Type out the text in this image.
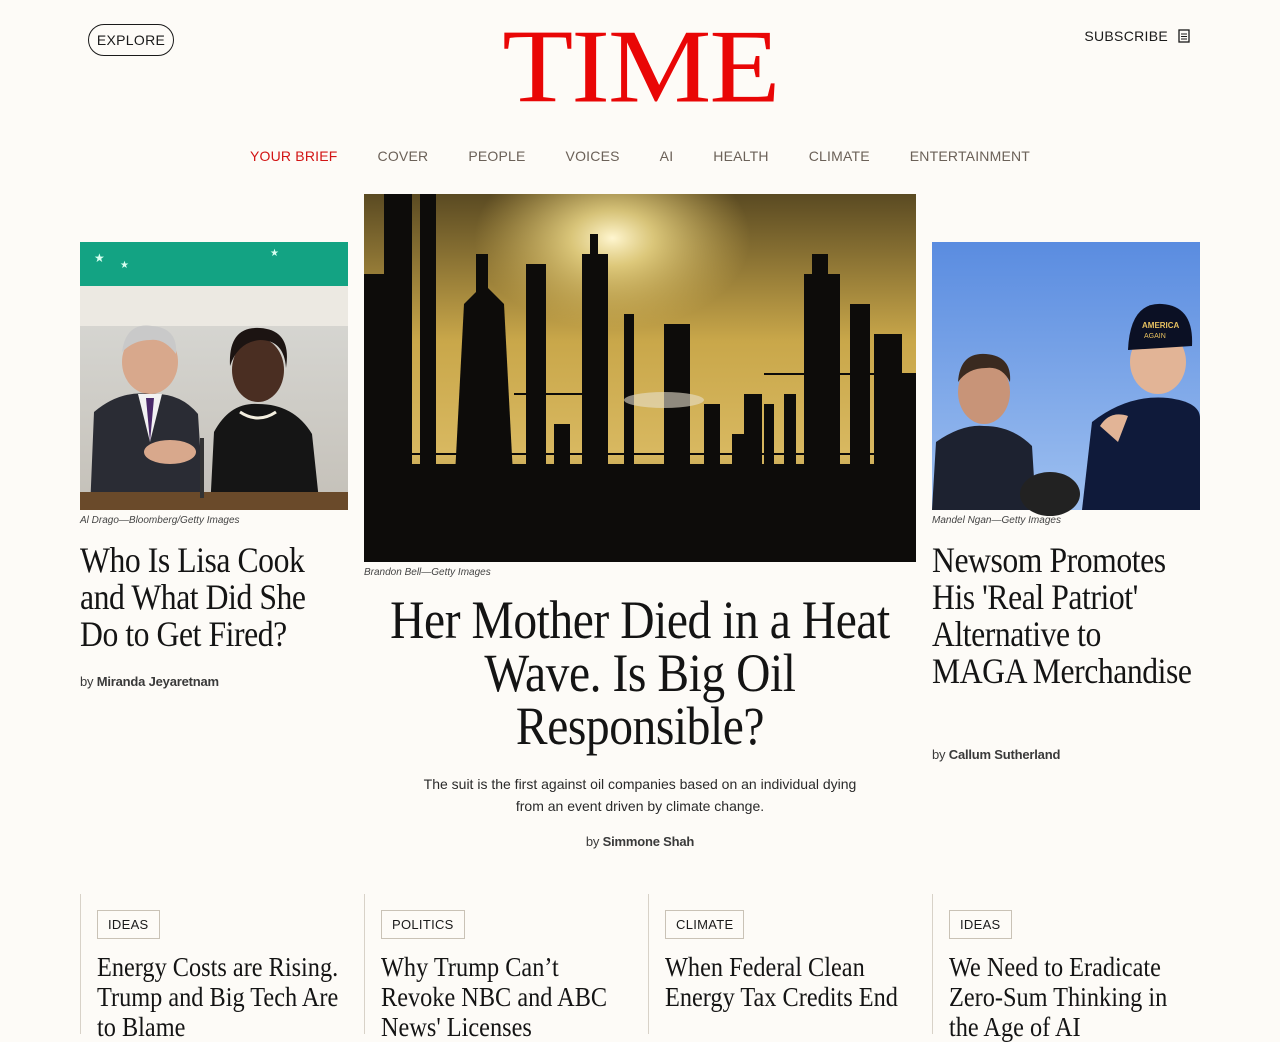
EXPLORE	TIME	SUBSCRIBE
YOUR BRIEF	COVER	PEOPLE	VOICES	AI	HEALTH	CLIMATE	ENTERTAINMENT
★
★
★
Al Drago—Bloomberg/Getty Images
Who Is Lisa Cook and What Did She Do to Get Fired?
by Miranda Jeyaretnam
Brandon Bell—Getty Images
Her Mother Died in a Heat Wave. Is Big Oil Responsible?
The suit is the first against oil companies based on an individual dying from an event driven by climate change.
by Simmone Shah
AMERICA
AGAIN
Mandel Ngan—Getty Images
Newsom Promotes His 'Real Patriot' Alternative to MAGA Merchandise
by Callum Sutherland
IDEAS
Energy Costs are Rising. Trump and Big Tech Are to Blame
POLITICS
Why Trump Can’t Revoke NBC and ABC News' Licenses
CLIMATE
When Federal Clean Energy Tax Credits End
IDEAS
We Need to Eradicate Zero-Sum Thinking in the Age of AI
